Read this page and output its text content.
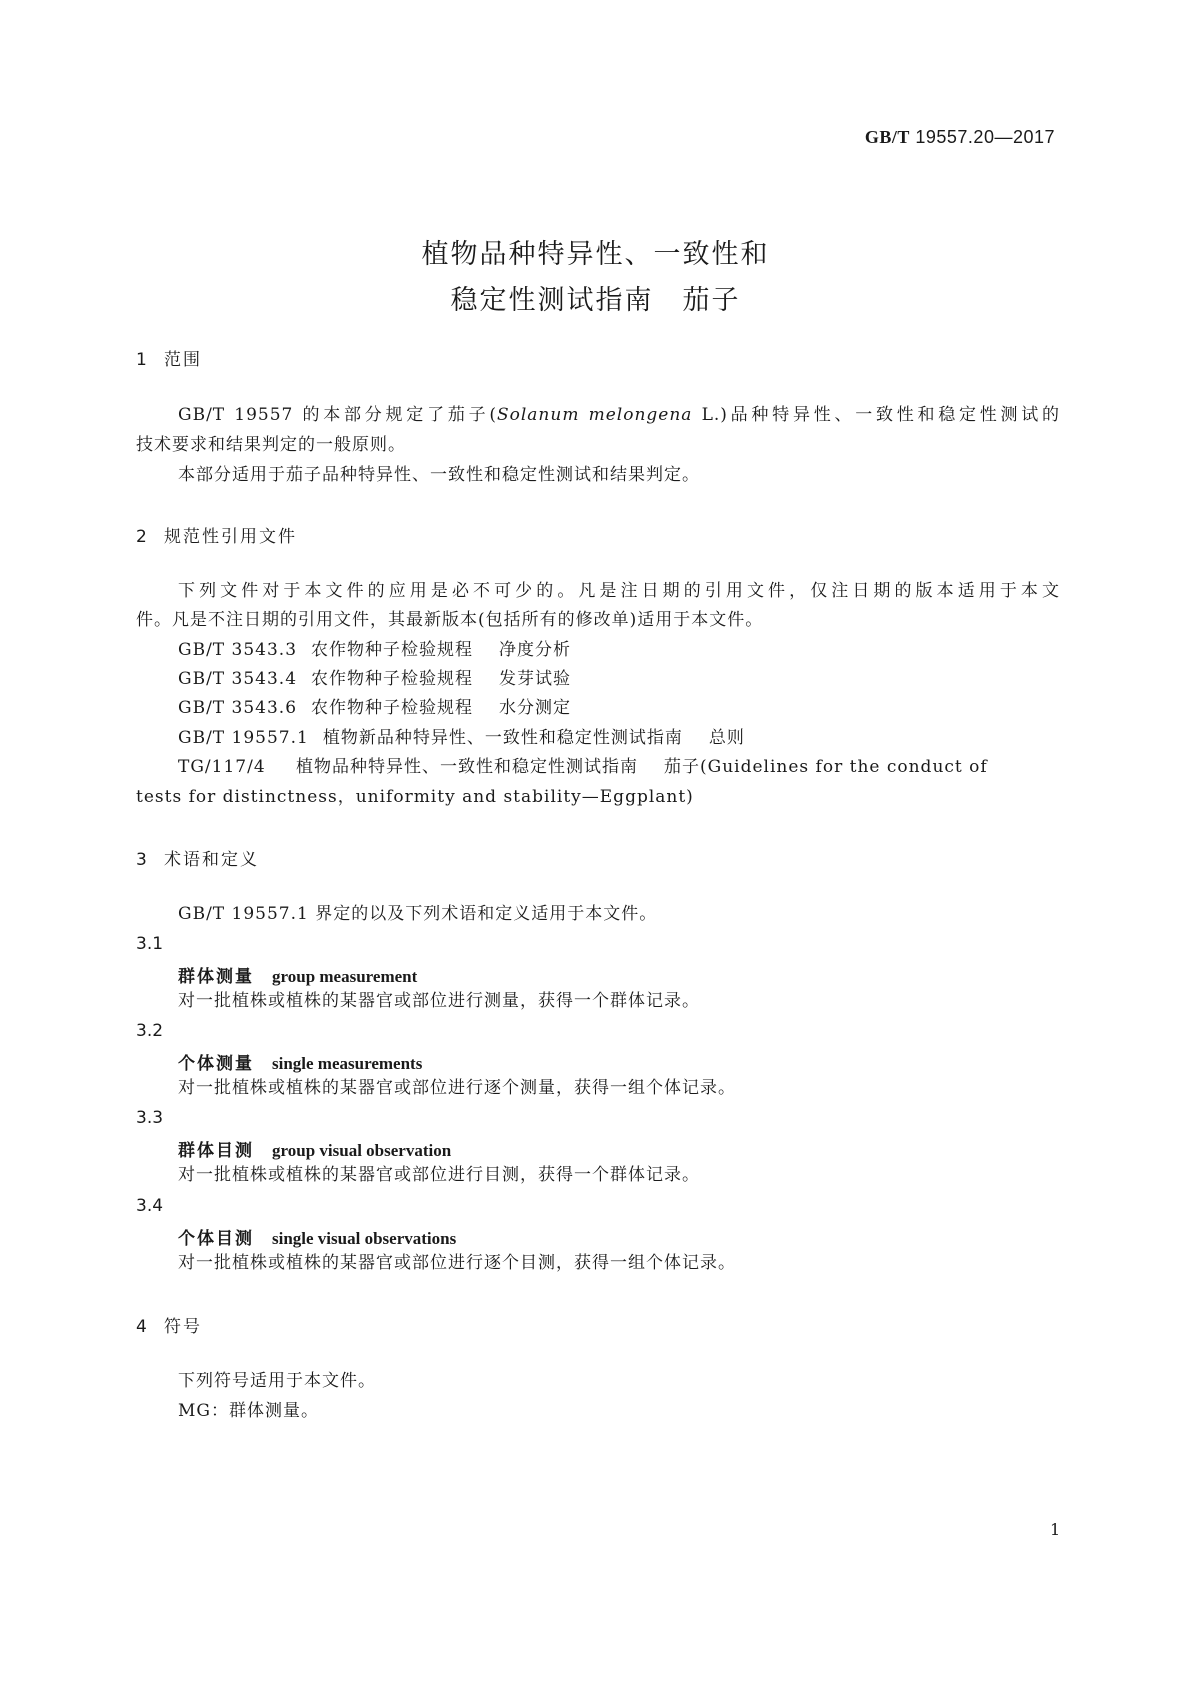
GB/T 19557.20—2017
植物品种特异性、一致性和
稳定性测试指南　茄子
1 范围
GB/T 19557 的本部分规定了茄子(Solanum melongena L.)品种特异性、一致性和稳定性测试的
技术要求和结果判定的一般原则。
本部分适用于茄子品种特异性、一致性和稳定性测试和结果判定。
2 规范性引用文件
下列文件对于本文件的应用是必不可少的。凡是注日期的引用文件，仅注日期的版本适用于本文
件。凡是不注日期的引用文件，其最新版本(包括所有的修改单)适用于本文件。
GB/T 3543.3 农作物种子检验规程 净度分析
GB/T 3543.4 农作物种子检验规程 发芽试验
GB/T 3543.6 农作物种子检验规程 水分测定
GB/T 19557.1 植物新品种特异性、一致性和稳定性测试指南 总则
TG/117/4 植物品种特异性、一致性和稳定性测试指南 茄子(Guidelines for the conduct of
tests for distinctness，uniformity and stability—Eggplant)
3 术语和定义
GB/T 19557.1 界定的以及下列术语和定义适用于本文件。
3.1
群体测量 group measurement
对一批植株或植株的某器官或部位进行测量，获得一个群体记录。
3.2
个体测量 single measurements
对一批植株或植株的某器官或部位进行逐个测量，获得一组个体记录。
3.3
群体目测 group visual observation
对一批植株或植株的某器官或部位进行目测，获得一个群体记录。
3.4
个体目测 single visual observations
对一批植株或植株的某器官或部位进行逐个目测，获得一组个体记录。
4 符号
下列符号适用于本文件。
MG：群体测量。
1
